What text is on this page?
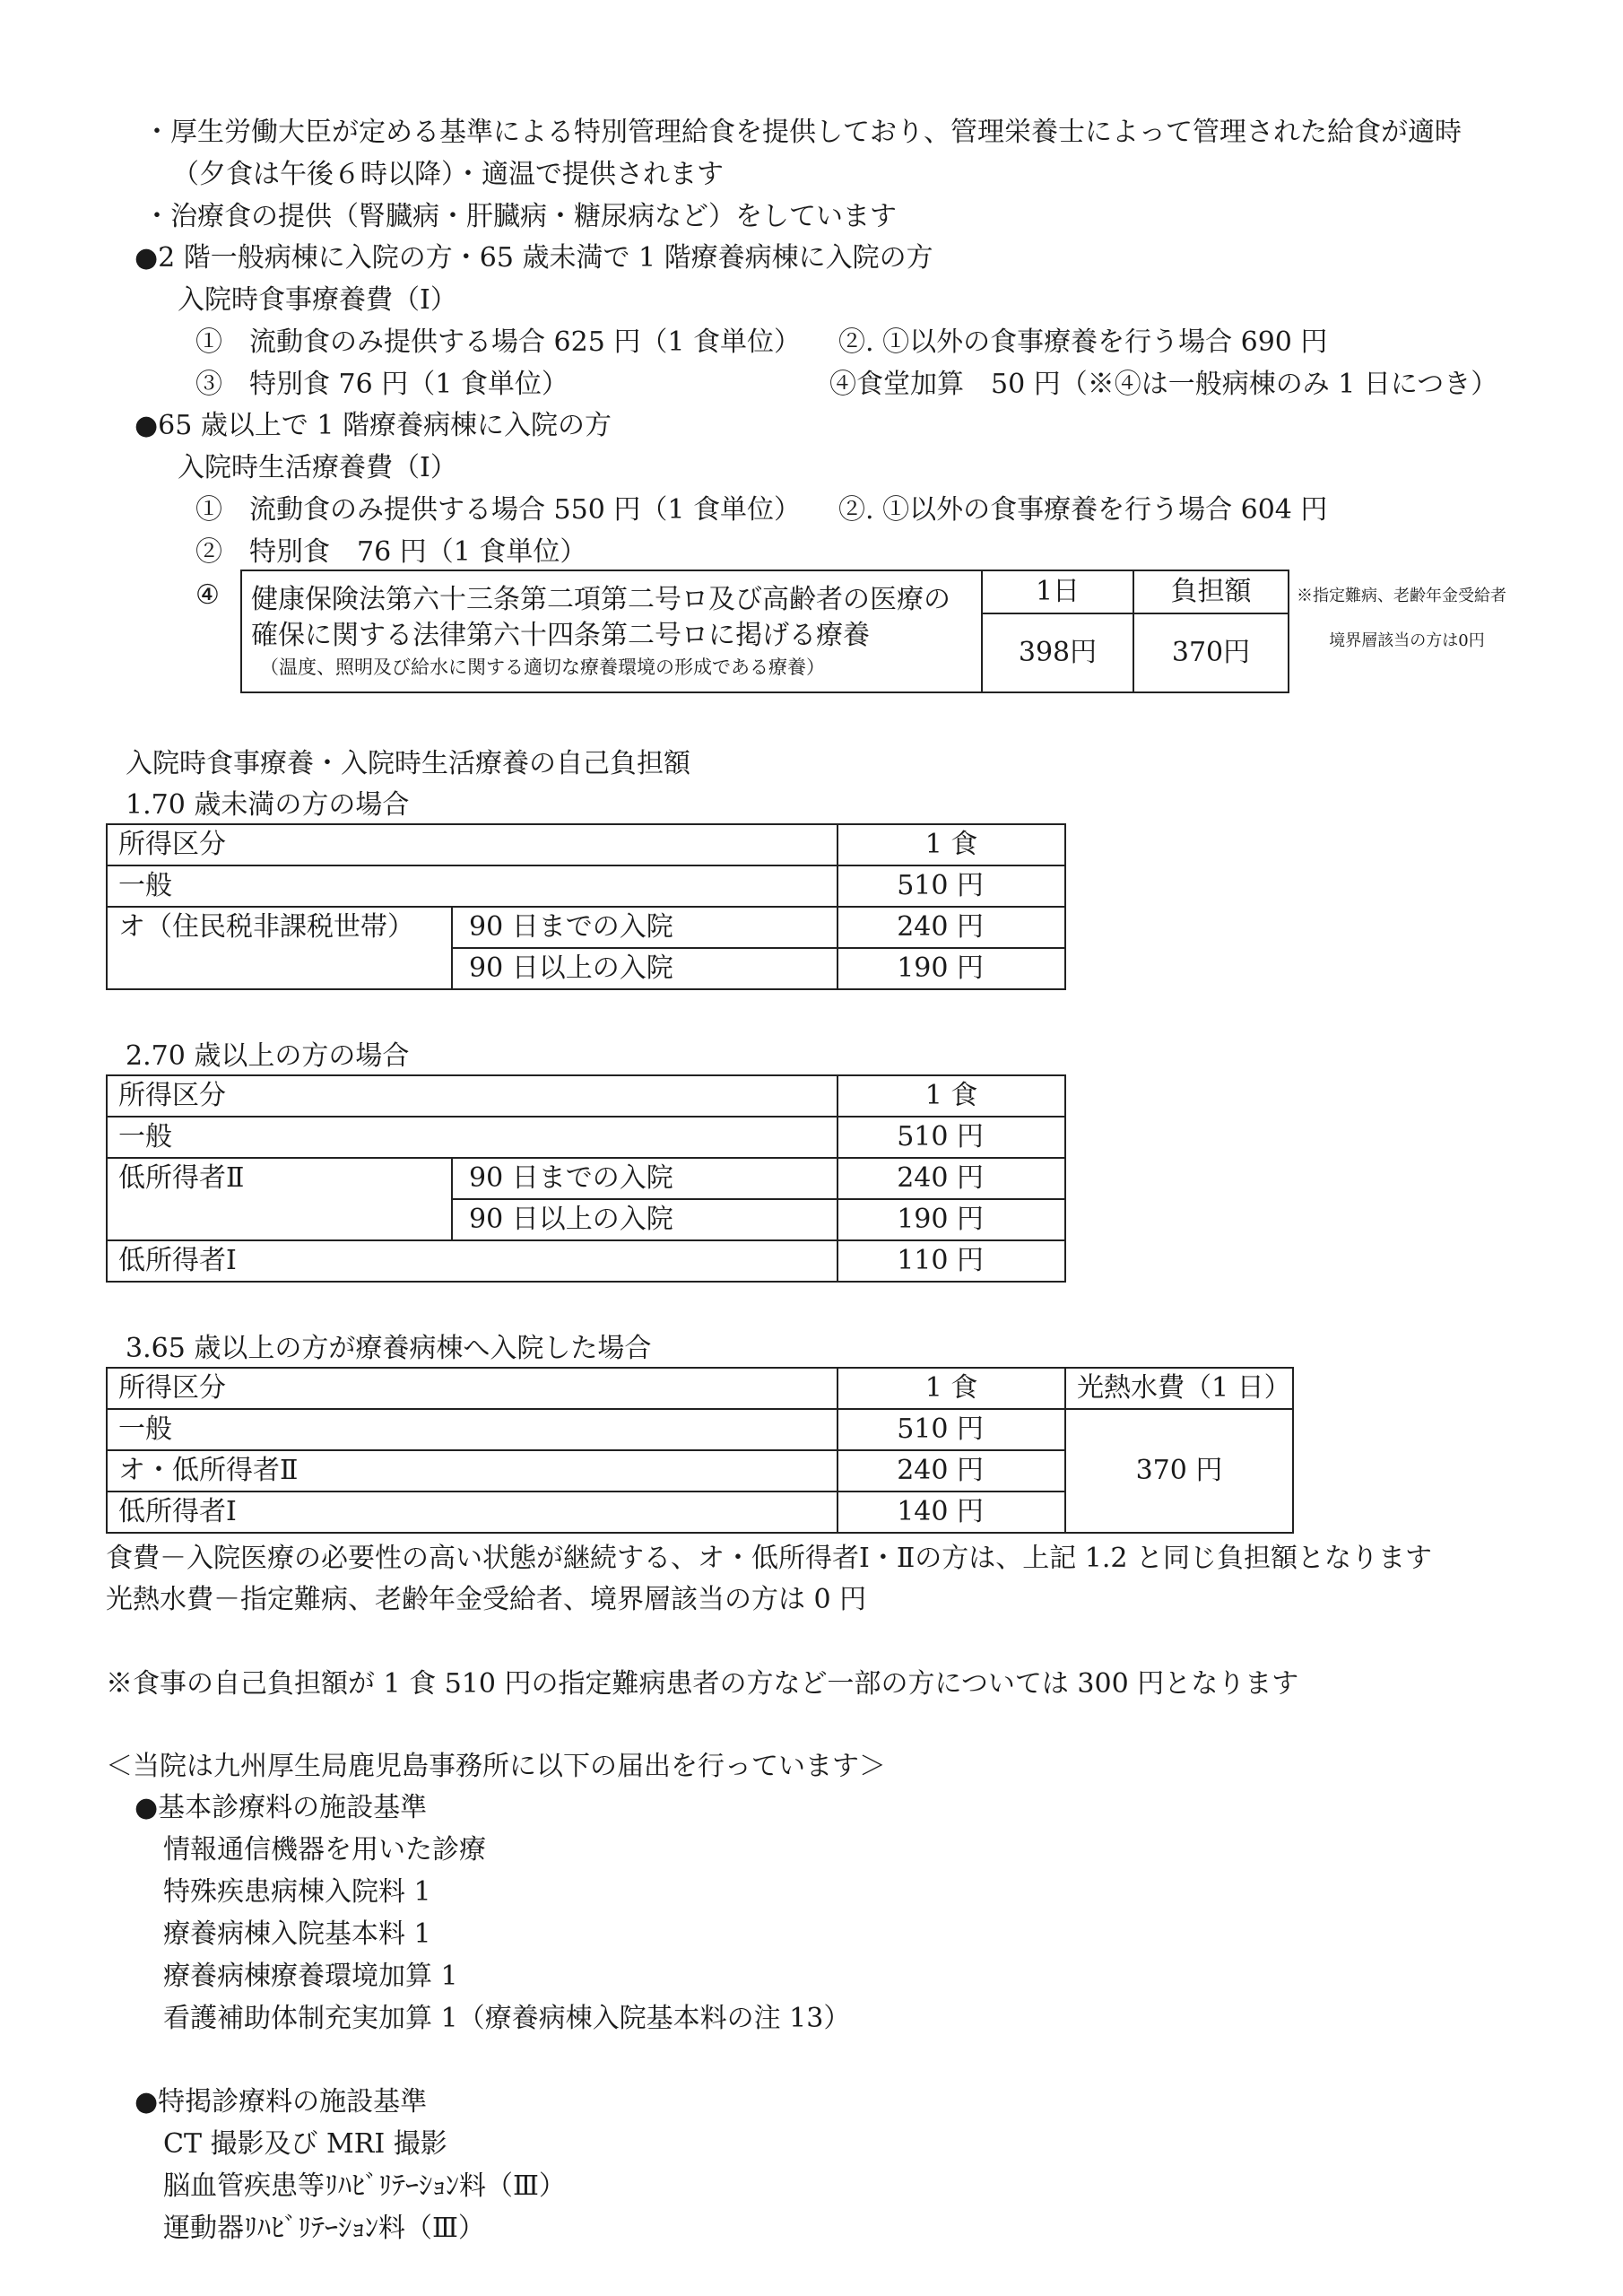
・厚生労働大臣が定める基準による特別管理給食を提供しており、管理栄養士によって管理された給食が適時
（夕食は午後６時以降）・適温で提供されます
・治療食の提供（腎臓病・肝臓病・糖尿病など）をしています
●2 階一般病棟に入院の方・65 歳未満で 1 階療養病棟に入院の方
入院時食事療養費（Ⅰ）
①　流動食のみ提供する場合 625 円（1 食単位） ②. ①以外の食事療養を行う場合 690 円
③　特別食 76 円（1 食単位）	④食堂加算　50 円（※④は一般病棟のみ 1 日につき）
●65 歳以上で 1 階療養病棟に入院の方
入院時生活療養費（Ⅰ）
①　流動食のみ提供する場合 550 円（1 食単位） ②. ①以外の食事療養を行う場合 604 円
②　特別食　76 円（1 食単位）
④ 健康保険法第六十三条第二項第二号ロ及び高齢者の医療の
確保に関する法律第六十四条第二号ロに掲げる療養
（温度、照明及び給水に関する適切な療養環境の形成である療養）	1日	負担額
	398円	370円
※指定難病、老齢年金受給者
境界層該当の方は0円
入院時食事療養・入院時生活療養の自己負担額
1.70 歳未満の方の場合
所得区分		1 食
一般		510 円
オ（住民税非課税世帯）	90 日までの入院	240 円
	90 日以上の入院	190 円
2.70 歳以上の方の場合
所得区分		1 食
一般		510 円
低所得者Ⅱ	90 日までの入院	240 円
	90 日以上の入院	190 円
低所得者Ⅰ		110 円
3.65 歳以上の方が療養病棟へ入院した場合
所得区分	1 食	光熱水費（1 日）
一般	510 円	370 円
オ・低所得者Ⅱ	240 円	
低所得者Ⅰ	140 円	
食費－入院医療の必要性の高い状態が継続する、オ・低所得者Ⅰ・Ⅱの方は、上記 1.2 と同じ負担額となります
光熱水費－指定難病、老齢年金受給者、境界層該当の方は 0 円
※食事の自己負担額が 1 食 510 円の指定難病患者の方など一部の方については 300 円となります
＜当院は九州厚生局鹿児島事務所に以下の届出を行っています＞
●基本診療料の施設基準
情報通信機器を用いた診療
特殊疾患病棟入院料 1
療養病棟入院基本料 1
療養病棟療養環境加算 1
看護補助体制充実加算 1（療養病棟入院基本料の注 13）
●特掲診療料の施設基準
CT 撮影及び MRI 撮影
脳血管疾患等ﾘﾊﾋﾞﾘﾃｰｼｮﾝ料（Ⅲ）
運動器ﾘﾊﾋﾞﾘﾃｰｼｮﾝ料（Ⅲ）
